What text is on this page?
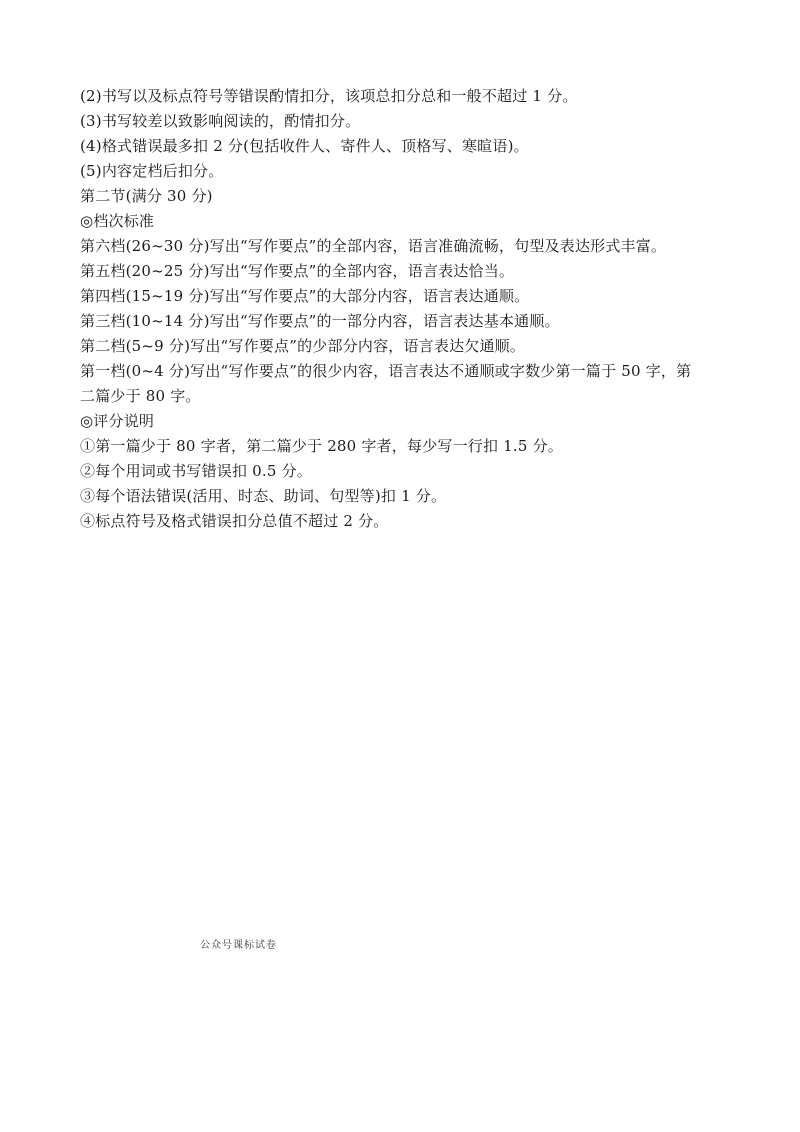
(2)书写以及标点符号等错误酌情扣分，该项总扣分总和一般不超过 1 分。
(3)书写较差以致影响阅读的，酌情扣分。
(4)格式错误最多扣 2 分(包括收件人、寄件人、顶格写、寒暄语)。
(5)内容定档后扣分。
第二节(满分 30 分)
◎档次标准
第六档(26~30 分)写出“写作要点”的全部内容，语言准确流畅，句型及表达形式丰富。
第五档(20~25 分)写出“写作要点”的全部内容，语言表达恰当。
第四档(15~19 分)写出“写作要点”的大部分内容，语言表达通顺。
第三档(10~14 分)写出“写作要点”的一部分内容，语言表达基本通顺。
第二档(5~9 分)写出“写作要点”的少部分内容，语言表达欠通顺。
第一档(0~4 分)写出“写作要点”的很少内容，语言表达不通顺或字数少第一篇于 50 字，第
二篇少于 80 字。
◎评分说明
①第一篇少于 80 字者，第二篇少于 280 字者，每少写一行扣 1.5 分。
②每个用词或书写错误扣 0.5 分。
③每个语法错误(活用、时态、助词、句型等)扣 1 分。
④标点符号及格式错误扣分总值不超过 2 分。
公众号课标试卷
